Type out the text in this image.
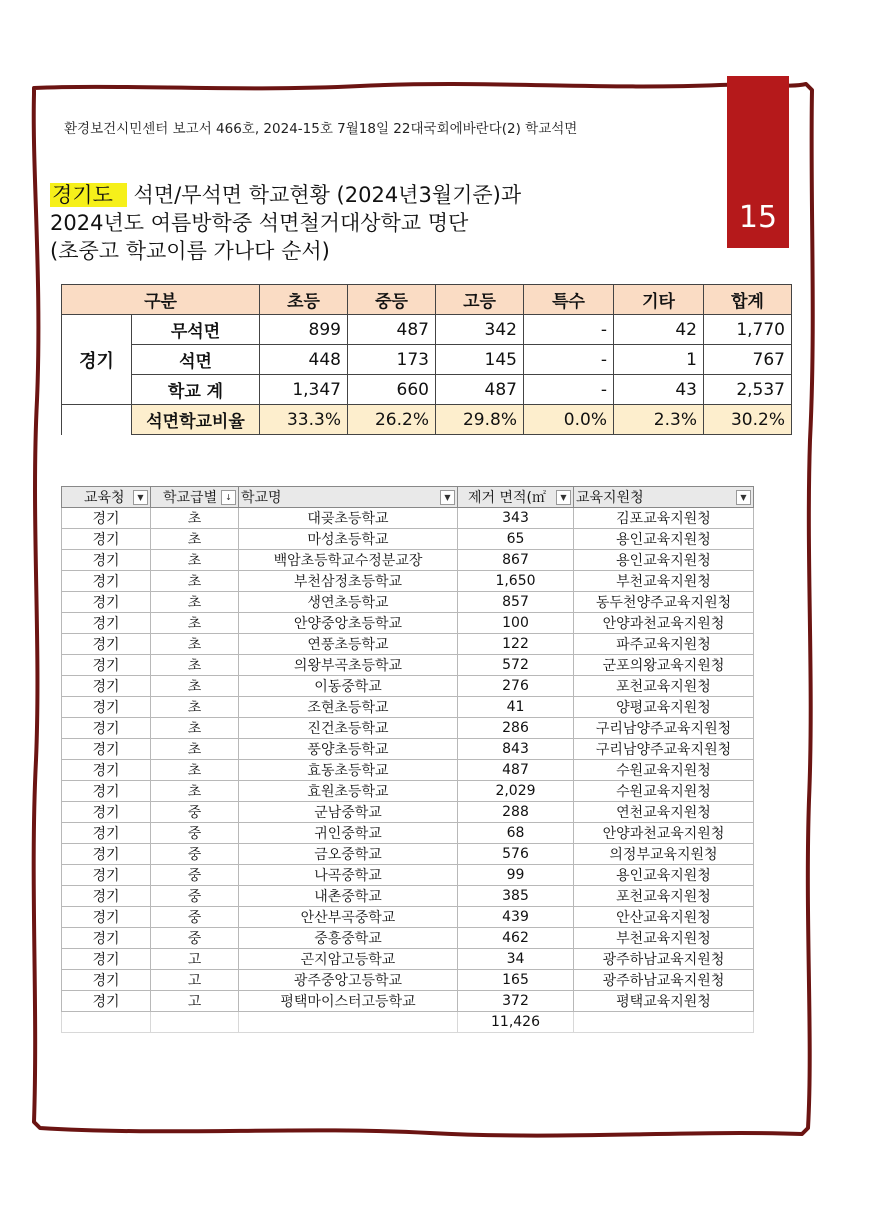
15
환경보건시민센터 보고서 466호, 2024-15호 7월18일 22대국회에바란다(2) 학교석면
경기도 석면/무석면 학교현황 (2024년3월기준)과
2024년도 여름방학중 석면철거대상학교 명단
(초중고 학교이름 가나다 순서)
구분		초등	중등	고등	특수	기타	합계
경기	무석면	899	487	342	-	42	1,770
	석면	448	173	145	-	1	767
	학교 계	1,347	660	487	-	43	2,537
	석면학교비율	33.3%	26.2%	29.8%	0.0%	2.3%	30.2%
교육청 ▼	학교급별 ↓	학교명 ▼	제거 면적(㎡ ▼	교육지원청 ▼

경기	초	대곶초등학교	343	김포교육지원청
경기	초	마성초등학교	65	용인교육지원청
경기	초	백암초등학교수정분교장	867	용인교육지원청
경기	초	부천삼정초등학교	1,650	부천교육지원청
경기	초	생연초등학교	857	동두천양주교육지원청
경기	초	안양중앙초등학교	100	안양과천교육지원청
경기	초	연풍초등학교	122	파주교육지원청
경기	초	의왕부곡초등학교	572	군포의왕교육지원청
경기	초	이동중학교	276	포천교육지원청
경기	초	조현초등학교	41	양평교육지원청
경기	초	진건초등학교	286	구리남양주교육지원청
경기	초	풍양초등학교	843	구리남양주교육지원청
경기	초	효동초등학교	487	수원교육지원청
경기	초	효원초등학교	2,029	수원교육지원청
경기	중	군남중학교	288	연천교육지원청
경기	중	귀인중학교	68	안양과천교육지원청
경기	중	금오중학교	576	의정부교육지원청
경기	중	나곡중학교	99	용인교육지원청
경기	중	내촌중학교	385	포천교육지원청
경기	중	안산부곡중학교	439	안산교육지원청
경기	중	중흥중학교	462	부천교육지원청
경기	고	곤지암고등학교	34	광주하남교육지원청
경기	고	광주중앙고등학교	165	광주하남교육지원청
경기	고	평택마이스터고등학교	372	평택교육지원청
			11,426	
